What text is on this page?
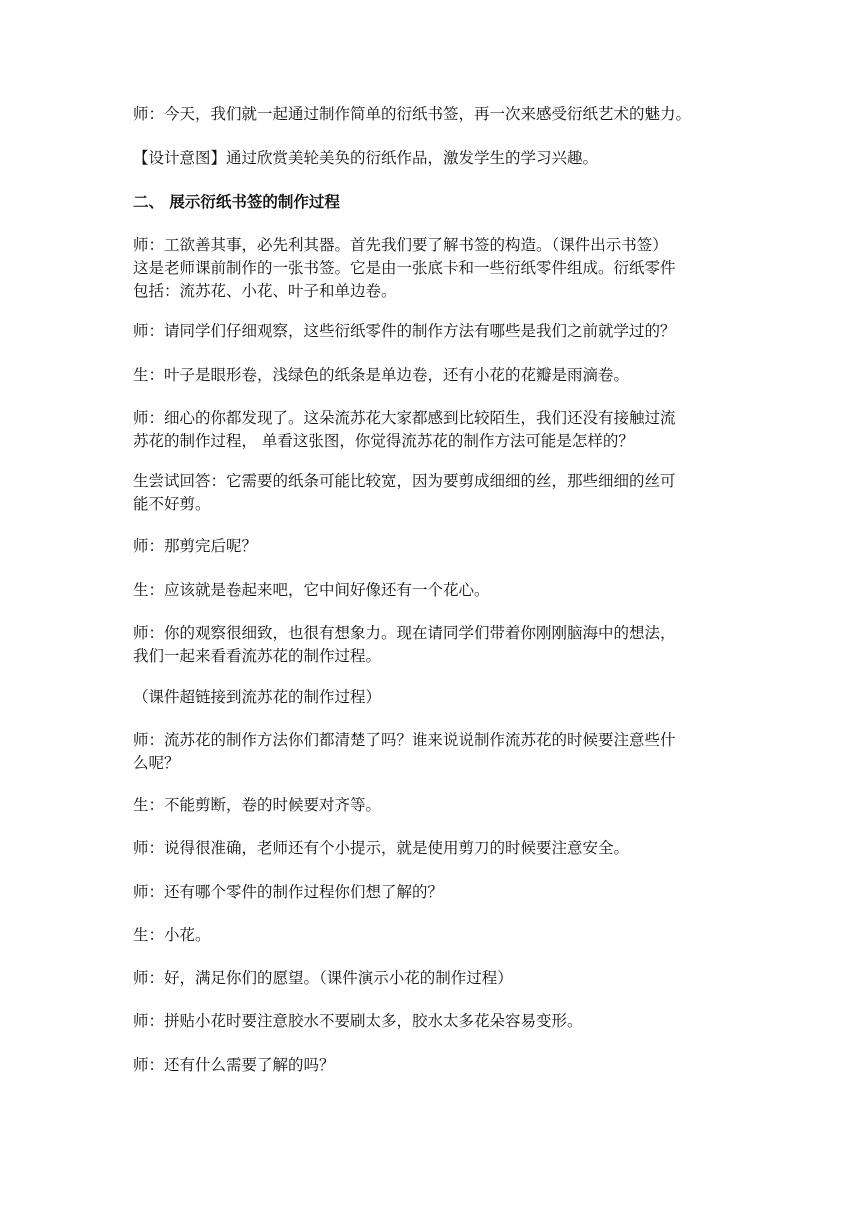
师：今天，我们就一起通过制作简单的衍纸书签，再一次来感受衍纸艺术的魅力。

【设计意图】通过欣赏美轮美奂的衍纸作品，激发学生的学习兴趣。

二、 展示衍纸书签的制作过程

师：工欲善其事，必先利其器。首先我们要了解书签的构造。（课件出示书签）
这是老师课前制作的一张书签。它是由一张底卡和一些衍纸零件组成。衍纸零件
包括：流苏花、小花、叶子和单边卷。

师：请同学们仔细观察，这些衍纸零件的制作方法有哪些是我们之前就学过的？

生：叶子是眼形卷，浅绿色的纸条是单边卷，还有小花的花瓣是雨滴卷。

师：细心的你都发现了。这朵流苏花大家都感到比较陌生，我们还没有接触过流
苏花的制作过程， 单看这张图，你觉得流苏花的制作方法可能是怎样的？

生尝试回答：它需要的纸条可能比较宽，因为要剪成细细的丝，那些细细的丝可
能不好剪。

师：那剪完后呢？

生：应该就是卷起来吧，它中间好像还有一个花心。

师：你的观察很细致，也很有想象力。现在请同学们带着你刚刚脑海中的想法，
我们一起来看看流苏花的制作过程。

（课件超链接到流苏花的制作过程）

师：流苏花的制作方法你们都清楚了吗？谁来说说制作流苏花的时候要注意些什
么呢？

生：不能剪断，卷的时候要对齐等。

师：说得很准确，老师还有个小提示，就是使用剪刀的时候要注意安全。

师：还有哪个零件的制作过程你们想了解的？

生：小花。

师：好，满足你们的愿望。（课件演示小花的制作过程）

师：拼贴小花时要注意胶水不要刷太多，胶水太多花朵容易变形。

师：还有什么需要了解的吗？
